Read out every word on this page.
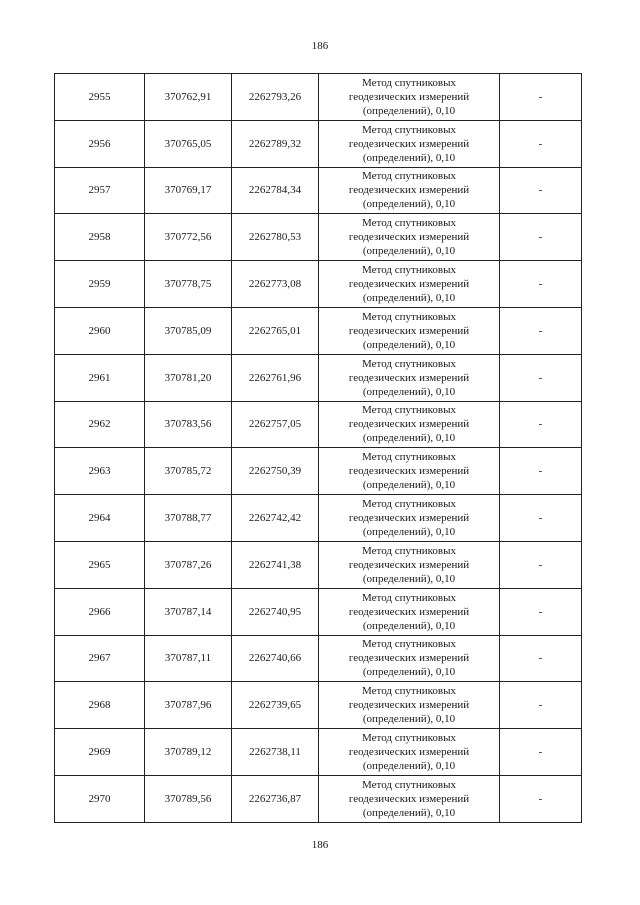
186
2955	370762,91	2262793,26	Метод спутниковых
геодезических измерений
(определений), 0,10	-
2956	370765,05	2262789,32	Метод спутниковых
геодезических измерений
(определений), 0,10	-
2957	370769,17	2262784,34	Метод спутниковых
геодезических измерений
(определений), 0,10	-
2958	370772,56	2262780,53	Метод спутниковых
геодезических измерений
(определений), 0,10	-
2959	370778,75	2262773,08	Метод спутниковых
геодезических измерений
(определений), 0,10	-
2960	370785,09	2262765,01	Метод спутниковых
геодезических измерений
(определений), 0,10	-
2961	370781,20	2262761,96	Метод спутниковых
геодезических измерений
(определений), 0,10	-
2962	370783,56	2262757,05	Метод спутниковых
геодезических измерений
(определений), 0,10	-
2963	370785,72	2262750,39	Метод спутниковых
геодезических измерений
(определений), 0,10	-
2964	370788,77	2262742,42	Метод спутниковых
геодезических измерений
(определений), 0,10	-
2965	370787,26	2262741,38	Метод спутниковых
геодезических измерений
(определений), 0,10	-
2966	370787,14	2262740,95	Метод спутниковых
геодезических измерений
(определений), 0,10	-
2967	370787,11	2262740,66	Метод спутниковых
геодезических измерений
(определений), 0,10	-
2968	370787,96	2262739,65	Метод спутниковых
геодезических измерений
(определений), 0,10	-
2969	370789,12	2262738,11	Метод спутниковых
геодезических измерений
(определений), 0,10	-
2970	370789,56	2262736,87	Метод спутниковых
геодезических измерений
(определений), 0,10	-
186
